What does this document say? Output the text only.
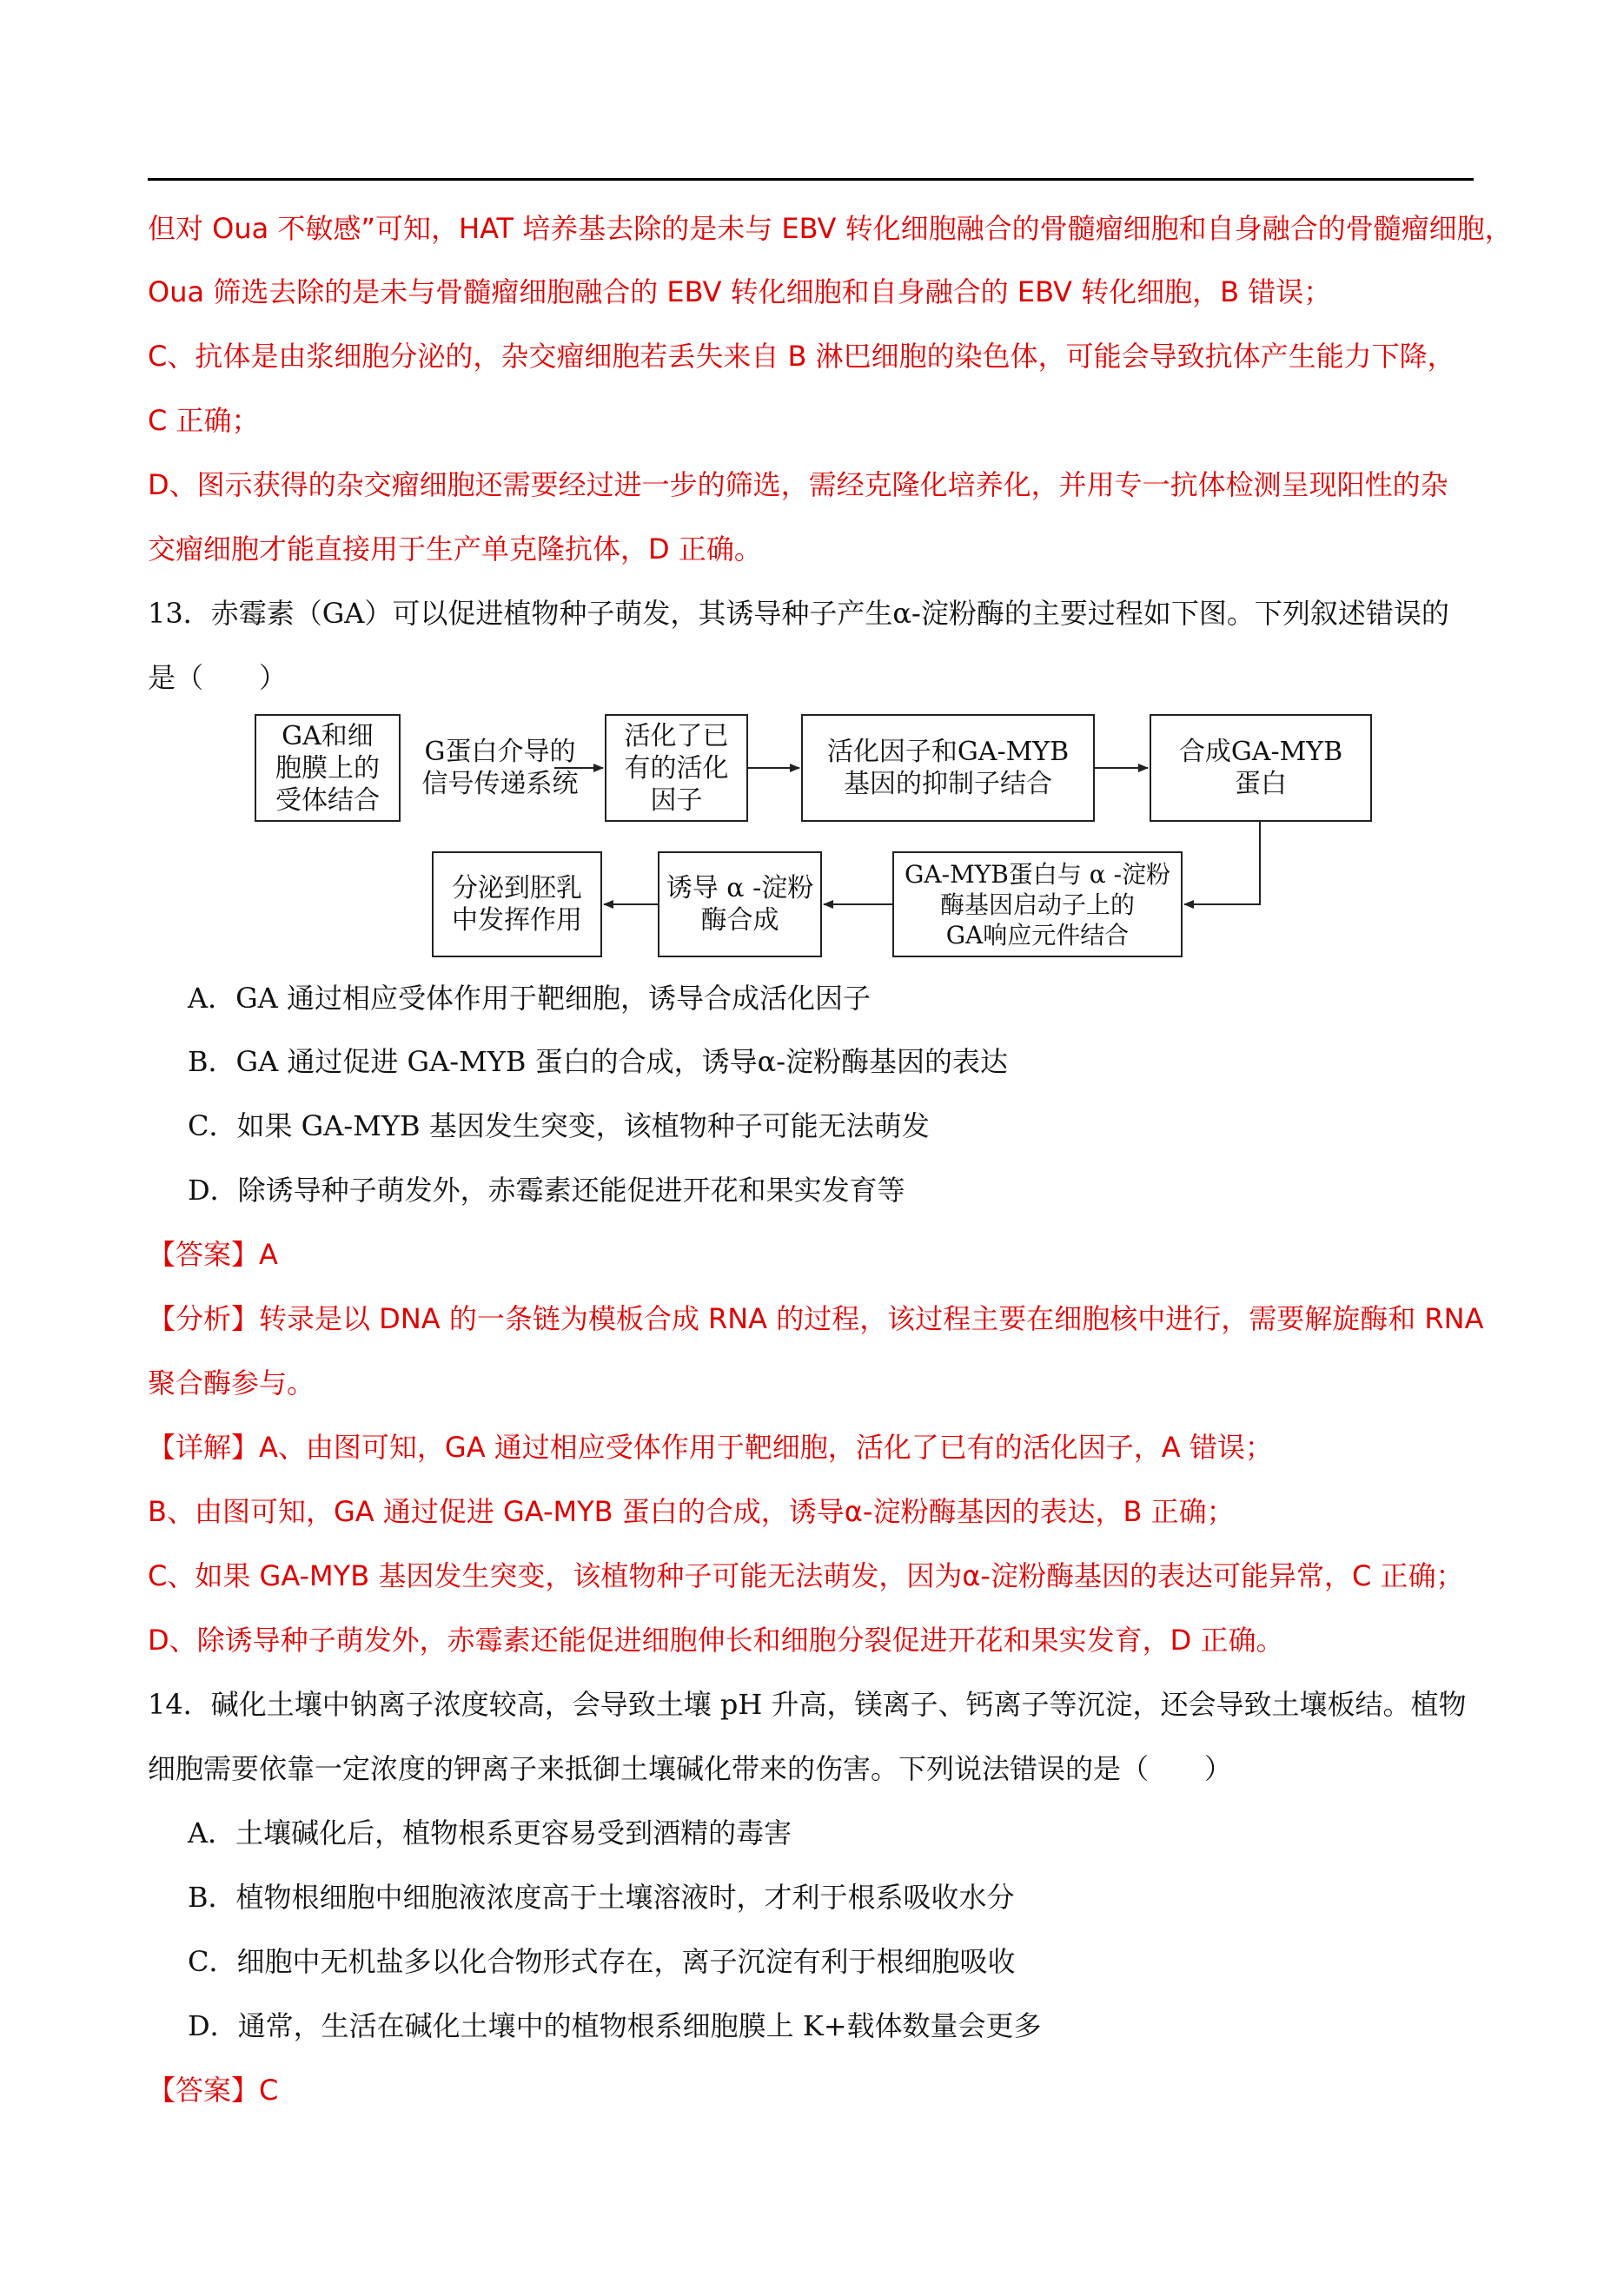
但对 Oua 不敏感”可知，HAT 培养基去除的是未与 EBV 转化细胞融合的骨髓瘤细胞和自身融合的骨髓瘤细胞，
Oua 筛选去除的是未与骨髓瘤细胞融合的 EBV 转化细胞和自身融合的 EBV 转化细胞，B 错误；
C、抗体是由浆细胞分泌的，杂交瘤细胞若丢失来自 B 淋巴细胞的染色体，可能会导致抗体产生能力下降，
C 正确；
D、图示获得的杂交瘤细胞还需要经过进一步的筛选，需经克隆化培养化，并用专一抗体检测呈现阳性的杂
交瘤细胞才能直接用于生产单克隆抗体，D 正确。
13．赤霉素（GA）可以促进植物种子萌发，其诱导种子产生α-淀粉酶的主要过程如下图。下列叙述错误的
是（　　）
GA和细
胞膜上的
受体结合
G蛋白介导的
信号传递系统
活化了已
有的活化
因子
活化因子和GA-MYB
基因的抑制子结合
合成GA-MYB
蛋白
GA-MYB蛋白与 α -淀粉
酶基因启动子上的
GA响应元件结合
诱导 α -淀粉
酶合成
分泌到胚乳
中发挥作用
A．GA 通过相应受体作用于靶细胞，诱导合成活化因子
B．GA 通过促进 GA-MYB 蛋白的合成，诱导α-淀粉酶基因的表达
C．如果 GA-MYB 基因发生突变，该植物种子可能无法萌发
D．除诱导种子萌发外，赤霉素还能促进开花和果实发育等
【答案】A
【分析】转录是以 DNA 的一条链为模板合成 RNA 的过程，该过程主要在细胞核中进行，需要解旋酶和 RNA
聚合酶参与。
【详解】A、由图可知，GA 通过相应受体作用于靶细胞，活化了已有的活化因子，A 错误；
B、由图可知，GA 通过促进 GA-MYB 蛋白的合成，诱导α-淀粉酶基因的表达，B 正确；
C、如果 GA-MYB 基因发生突变，该植物种子可能无法萌发，因为α-淀粉酶基因的表达可能异常，C 正确；
D、除诱导种子萌发外，赤霉素还能促进细胞伸长和细胞分裂促进开花和果实发育，D 正确。
14．碱化土壤中钠离子浓度较高，会导致土壤 pH 升高，镁离子、钙离子等沉淀，还会导致土壤板结。植物
细胞需要依靠一定浓度的钾离子来抵御土壤碱化带来的伤害。下列说法错误的是（　　）
A．土壤碱化后，植物根系更容易受到酒精的毒害
B．植物根细胞中细胞液浓度高于土壤溶液时，才利于根系吸收水分
C．细胞中无机盐多以化合物形式存在，离子沉淀有利于根细胞吸收
D．通常，生活在碱化土壤中的植物根系细胞膜上 K+载体数量会更多
【答案】C
